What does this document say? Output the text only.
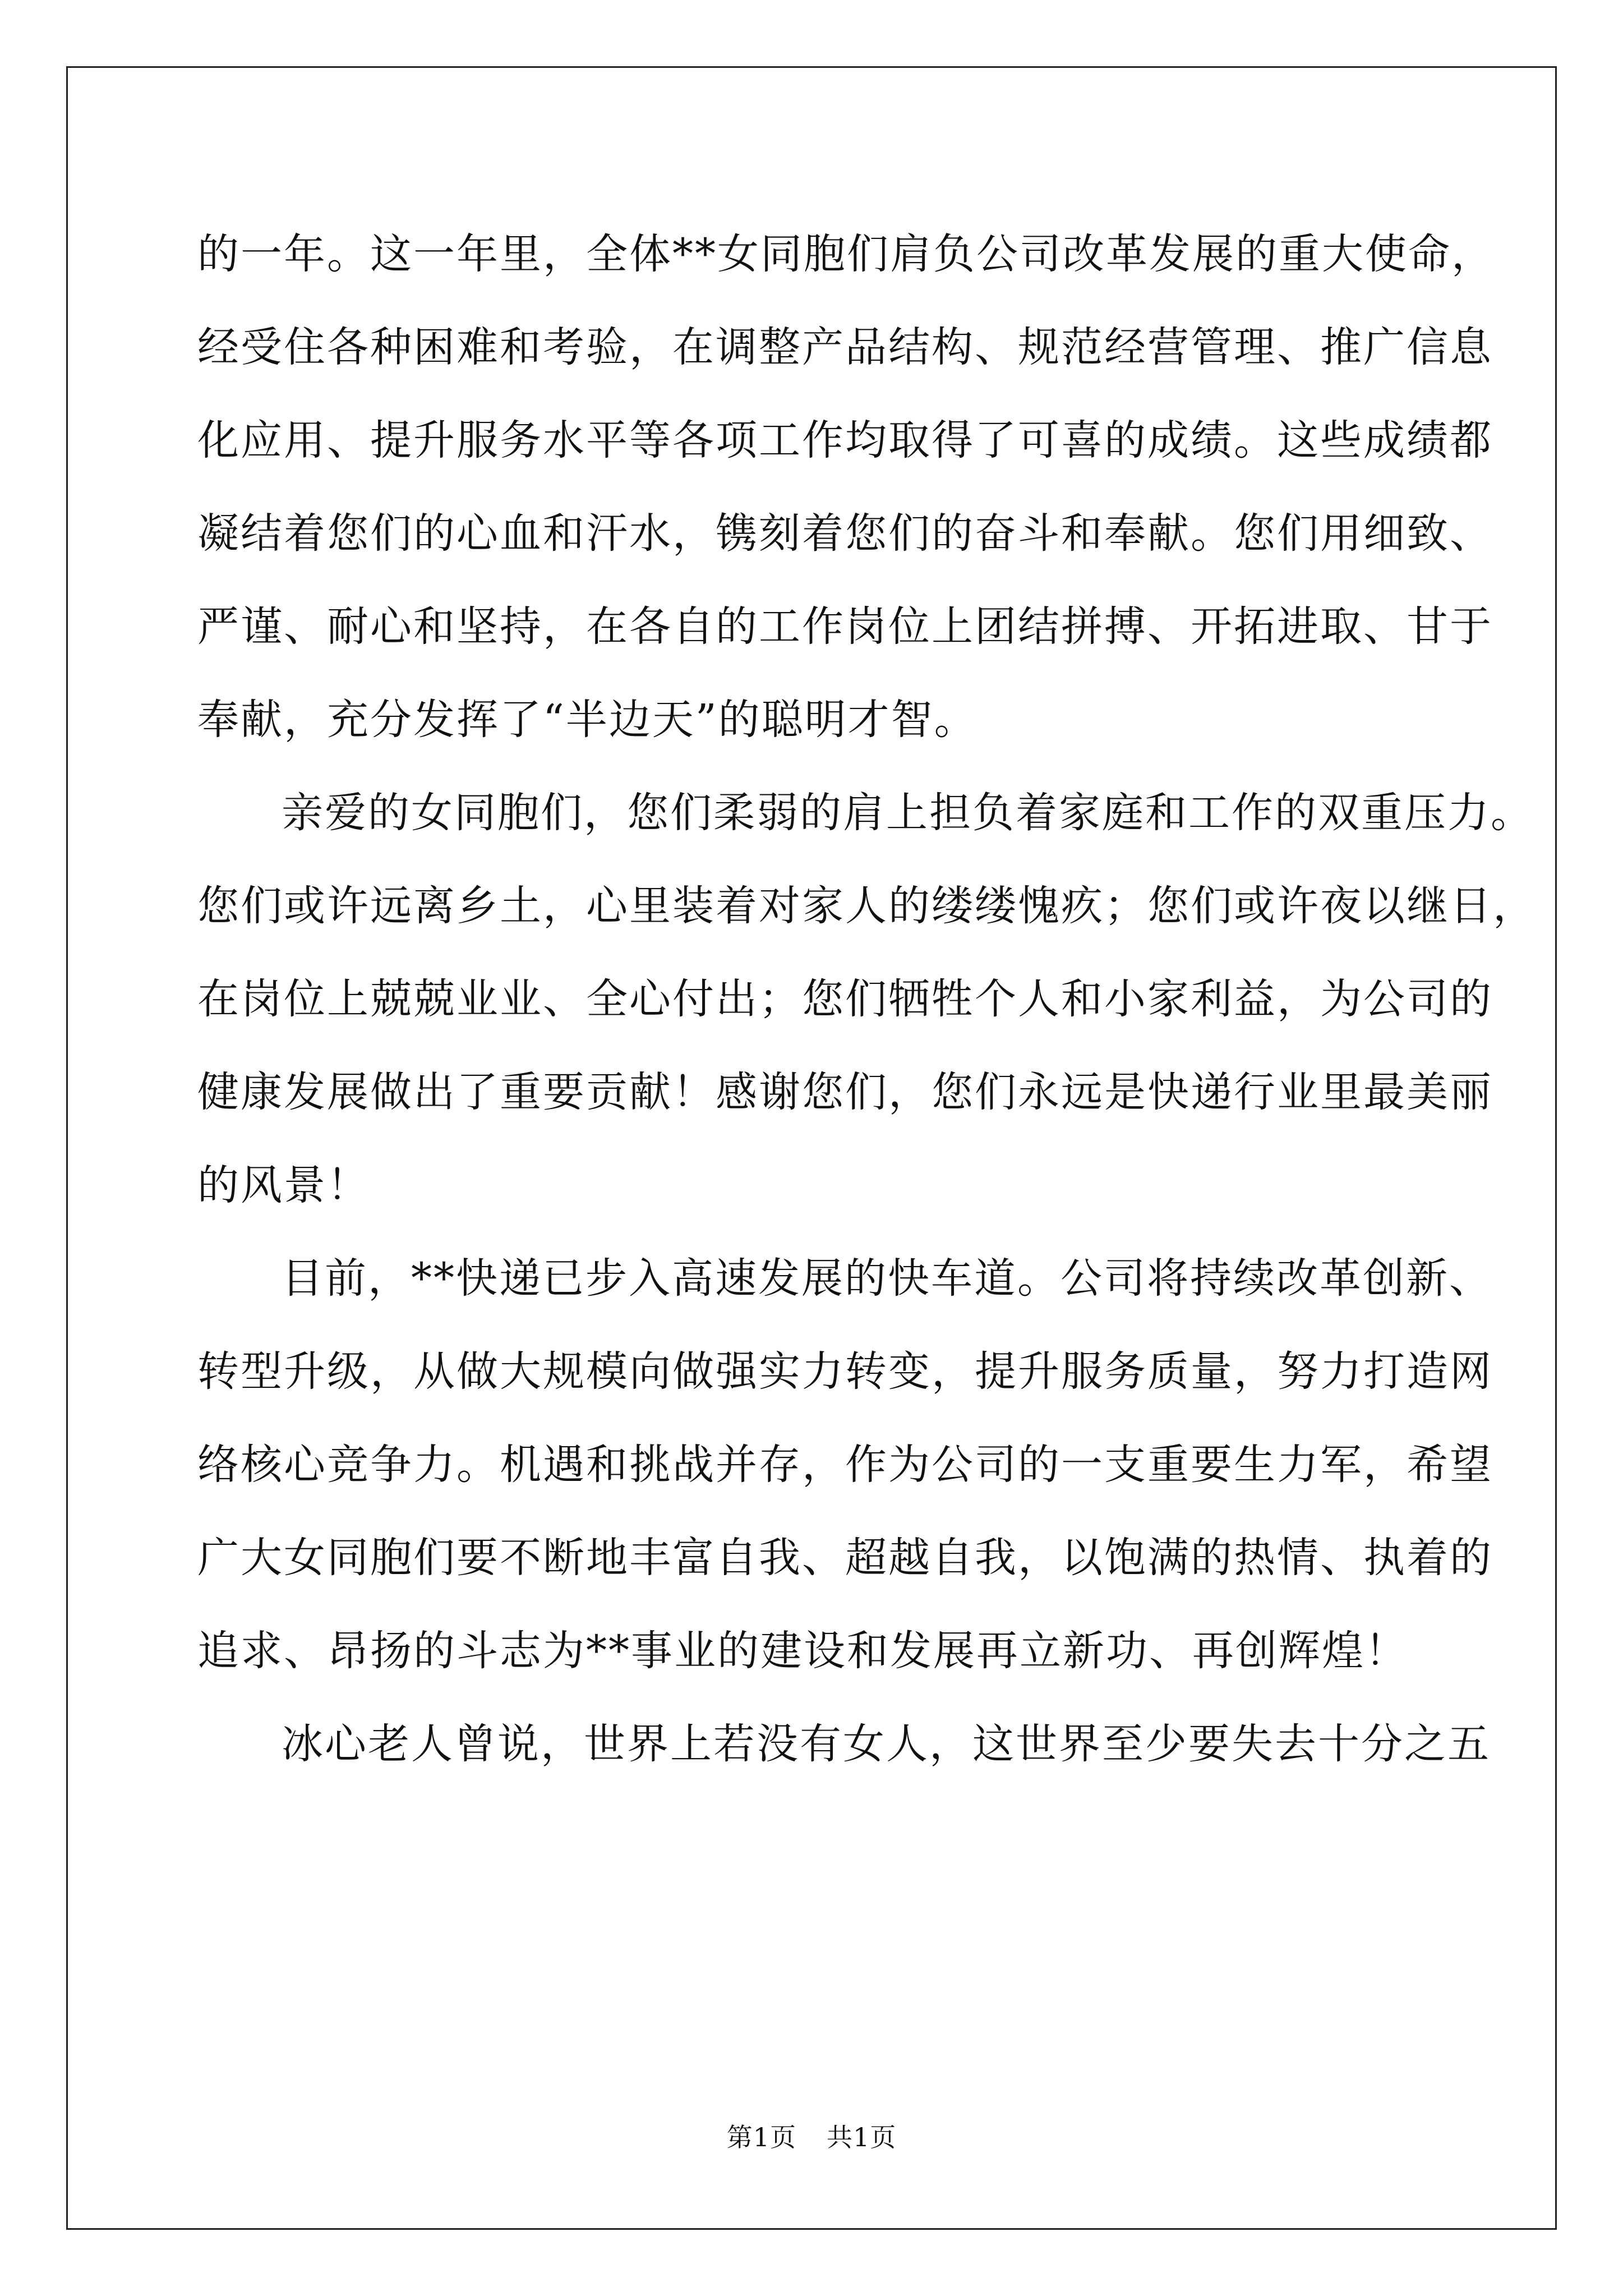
的一年。这一年里，全体**女同胞们肩负公司改革发展的重大使命，
经受住各种困难和考验，在调整产品结构、规范经营管理、推广信息
化应用、提升服务水平等各项工作均取得了可喜的成绩。这些成绩都
凝结着您们的心血和汗水，镌刻着您们的奋斗和奉献。您们用细致、
严谨、耐心和坚持，在各自的工作岗位上团结拼搏、开拓进取、甘于
奉献，充分发挥了“半边天”的聪明才智。
亲爱的女同胞们，您们柔弱的肩上担负着家庭和工作的双重压力。
您们或许远离乡土，心里装着对家人的缕缕愧疚；您们或许夜以继日，
在岗位上兢兢业业、全心付出；您们牺牲个人和小家利益，为公司的
健康发展做出了重要贡献！感谢您们，您们永远是快递行业里最美丽
的风景！
目前，**快递已步入高速发展的快车道。公司将持续改革创新、
转型升级，从做大规模向做强实力转变，提升服务质量，努力打造网
络核心竞争力。机遇和挑战并存，作为公司的一支重要生力军，希望
广大女同胞们要不断地丰富自我、超越自我，以饱满的热情、执着的
追求、昂扬的斗志为**事业的建设和发展再立新功、再创辉煌！
冰心老人曾说，世界上若没有女人，这世界至少要失去十分之五
第1页 共1页
